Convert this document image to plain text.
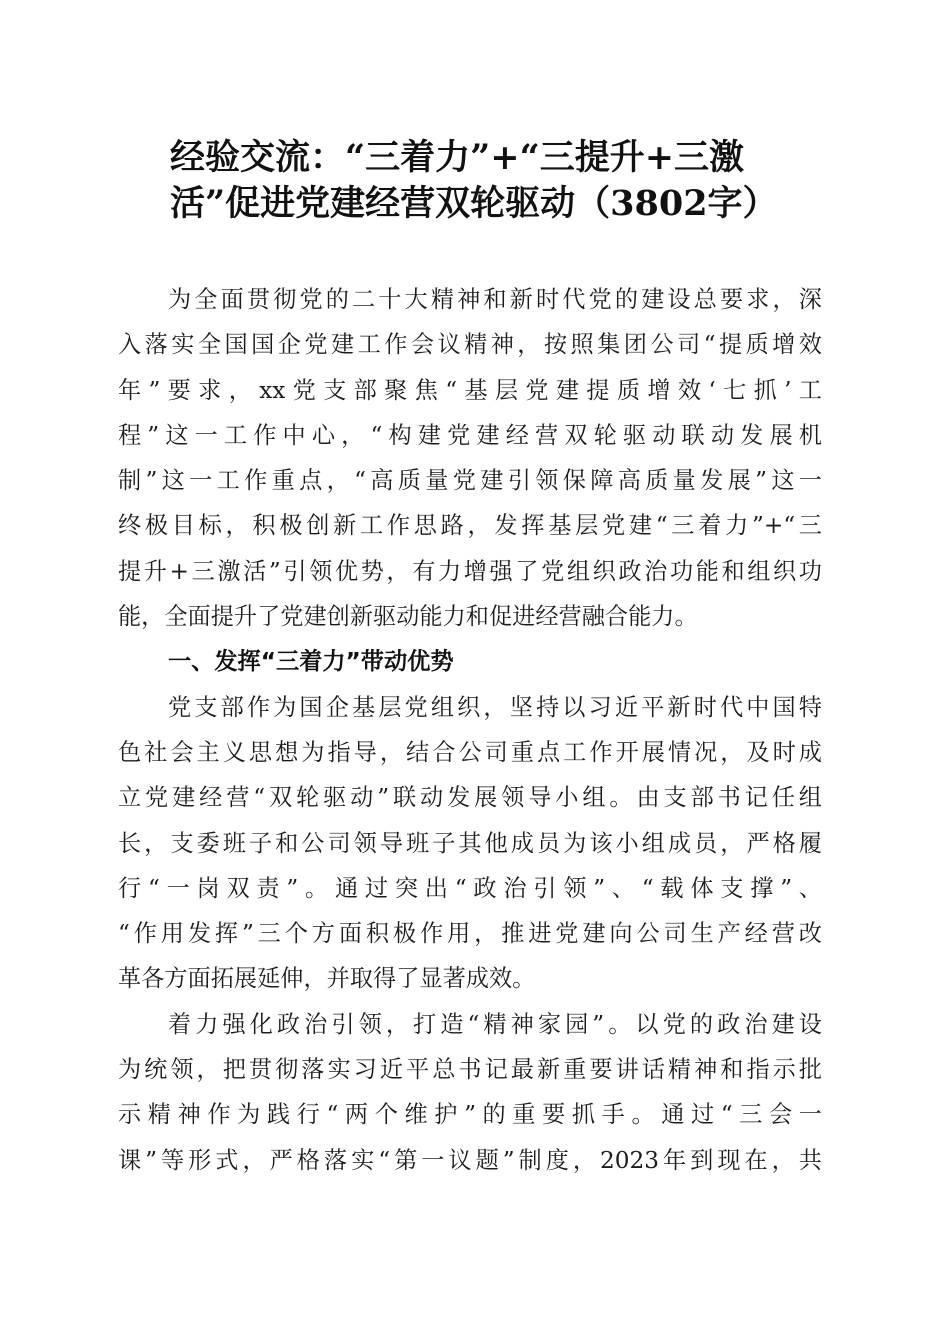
经验交流：“三着力”+“三提升+三激
活”促进党建经营双轮驱动（3802字）
为全面贯彻党的二十大精神和新时代党的建设总要求，深
入落实全国国企党建工作会议精神，按照集团公司“提质增效
年”要求，xx党支部聚焦“基层党建提质增效‘七抓’工
程”这一工作中心，“构建党建经营双轮驱动联动发展机
制”这一工作重点，“高质量党建引领保障高质量发展”这一
终极目标，积极创新工作思路，发挥基层党建“三着力”+“三
提升+三激活”引领优势，有力增强了党组织政治功能和组织功
能，全面提升了党建创新驱动能力和促进经营融合能力。
一、发挥“三着力”带动优势
党支部作为国企基层党组织，坚持以习近平新时代中国特
色社会主义思想为指导，结合公司重点工作开展情况，及时成
立党建经营“双轮驱动”联动发展领导小组。由支部书记任组
长，支委班子和公司领导班子其他成员为该小组成员，严格履
行“一岗双责”。通过突出“政治引领”、“载体支撑”、
“作用发挥”三个方面积极作用，推进党建向公司生产经营改
革各方面拓展延伸，并取得了显著成效。
着力强化政治引领，打造“精神家园”。以党的政治建设
为统领，把贯彻落实习近平总书记最新重要讲话精神和指示批
示精神作为践行“两个维护”的重要抓手。通过“三会一
课”等形式，严格落实“第一议题”制度，2023年到现在，共
